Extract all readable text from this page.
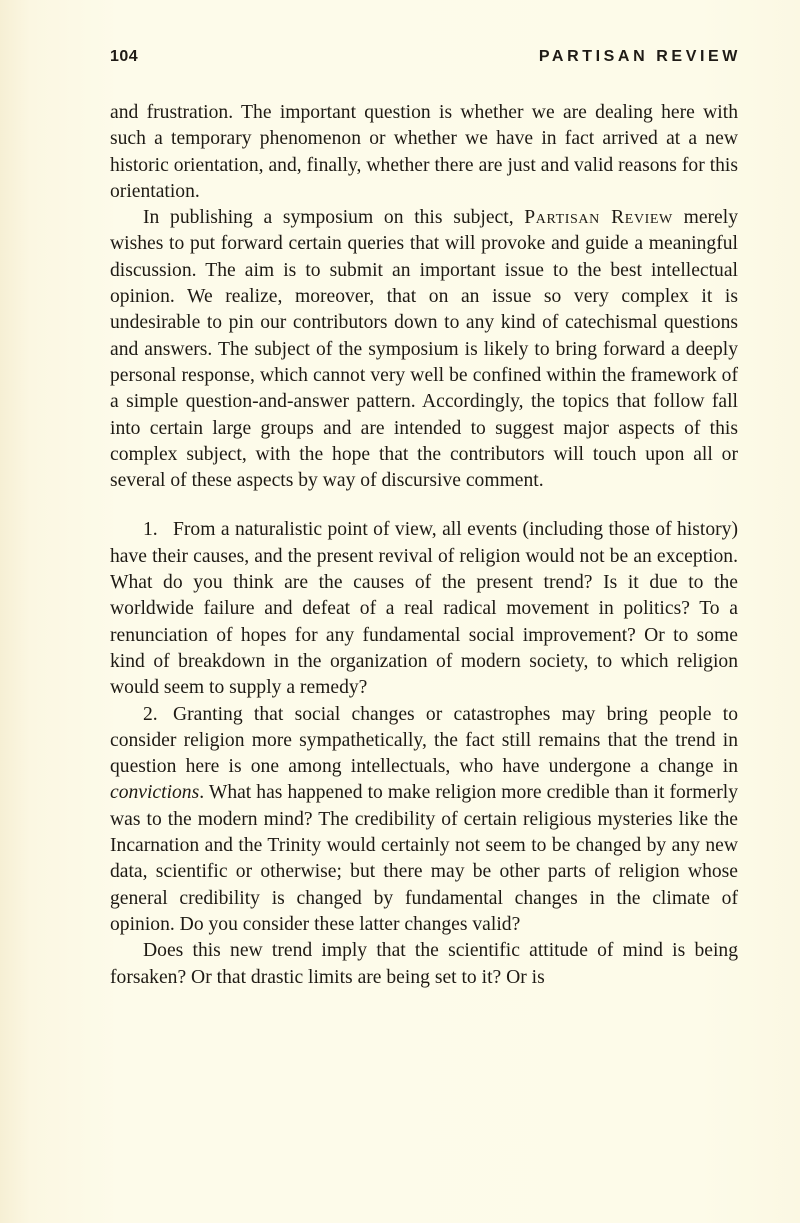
104	PARTISAN REVIEW

and frustration. The important question is whether we are dealing here with such a temporary phenomenon or whether we have in fact arrived at a new historic orientation, and, finally, whether there are just and valid reasons for this orientation.

In publishing a symposium on this subject, Partisan Review merely wishes to put forward certain queries that will provoke and guide a meaningful discussion. The aim is to submit an important issue to the best intellectual opinion. We realize, moreover, that on an issue so very complex it is undesirable to pin our contributors down to any kind of catechismal questions and answers. The subject of the symposium is likely to bring forward a deeply personal response, which cannot very well be confined within the framework of a simple question-and-answer pattern. Accordingly, the topics that follow fall into certain large groups and are intended to suggest major aspects of this complex subject, with the hope that the contributors will touch upon all or several of these aspects by way of discursive comment.

1. From a naturalistic point of view, all events (including those of history) have their causes, and the present revival of religion would not be an exception. What do you think are the causes of the present trend? Is it due to the worldwide failure and defeat of a real radical movement in politics? To a renunciation of hopes for any fundamental social improvement? Or to some kind of breakdown in the organization of modern society, to which religion would seem to supply a remedy?

2. Granting that social changes or catastrophes may bring people to consider religion more sympathetically, the fact still remains that the trend in question here is one among intellectuals, who have undergone a change in convictions. What has happened to make religion more credible than it formerly was to the modern mind? The credibility of certain religious mysteries like the Incarnation and the Trinity would certainly not seem to be changed by any new data, scientific or otherwise; but there may be other parts of religion whose general credibility is changed by fundamental changes in the climate of opinion. Do you consider these latter changes valid?

Does this new trend imply that the scientific attitude of mind is being forsaken? Or that drastic limits are being set to it? Or is
